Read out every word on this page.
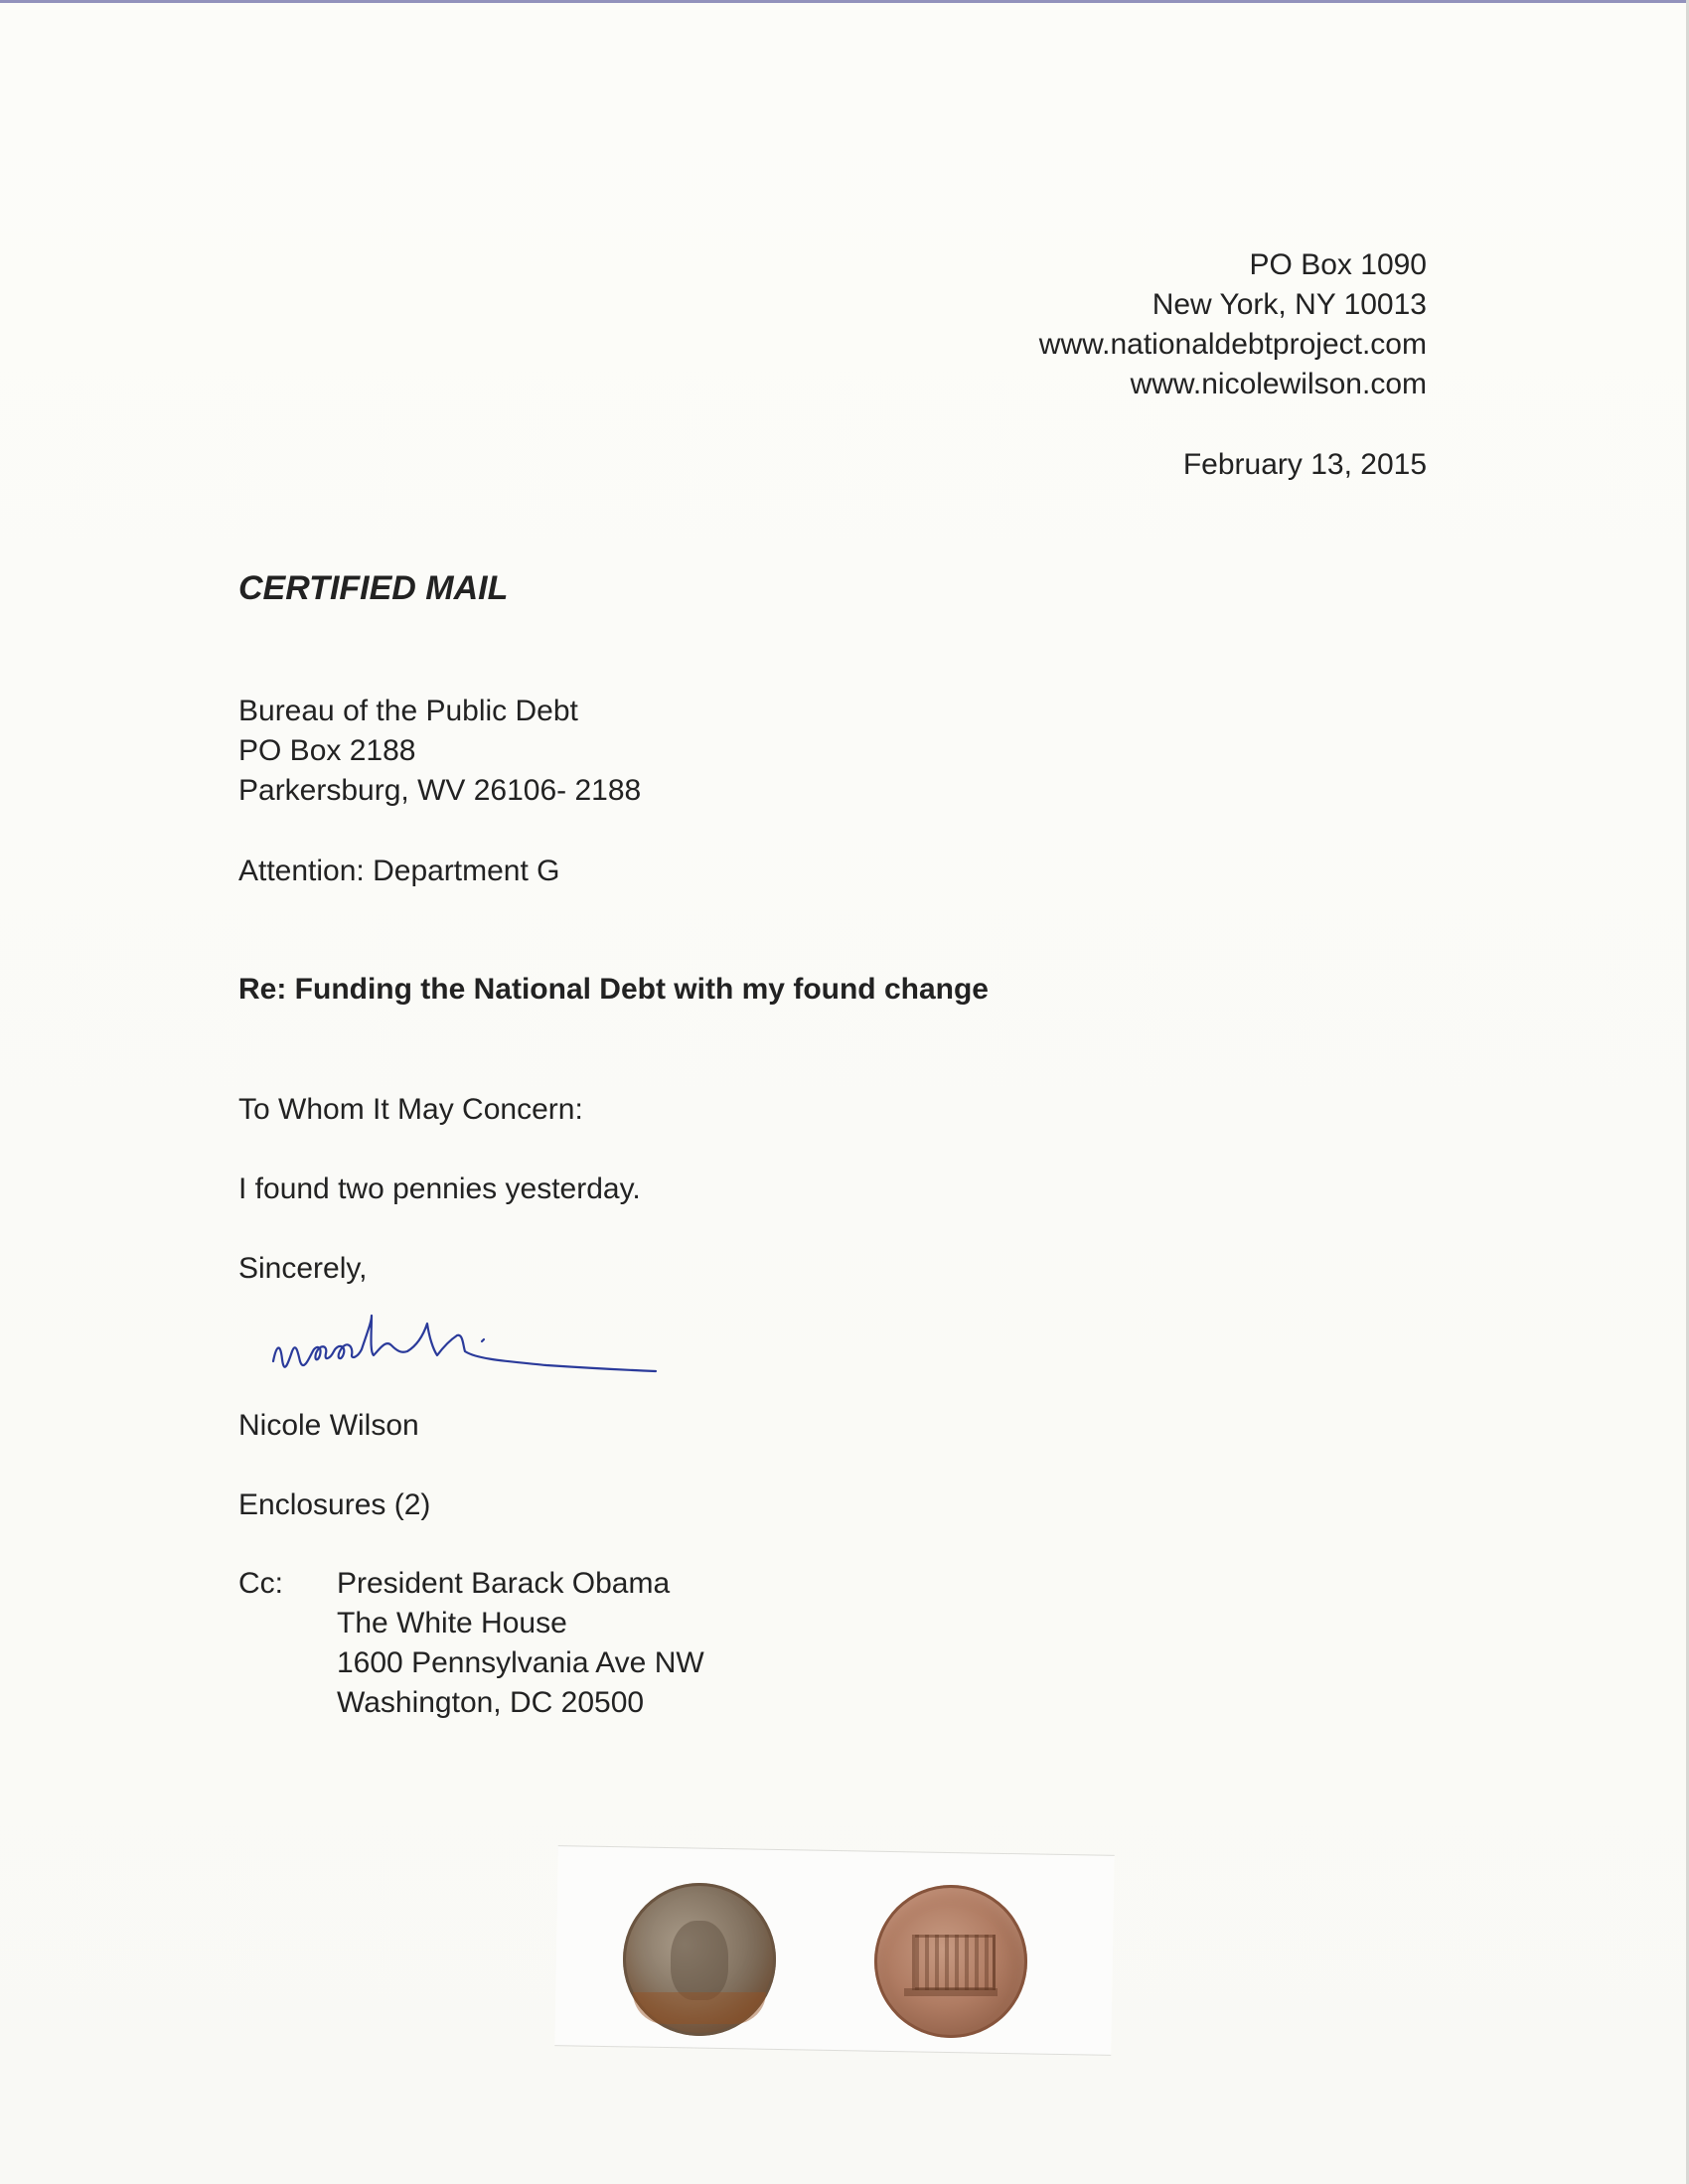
PO Box 1090
New York, NY 10013
www.nationaldebtproject.com
www.nicolewilson.com
February 13, 2015
CERTIFIED MAIL
Bureau of the Public Debt
PO Box 2188
Parkersburg, WV 26106- 2188
Attention: Department G
Re: Funding the National Debt with my found change
To Whom It May Concern:
I found two pennies yesterday.
Sincerely,
Nicole Wilson
Enclosures (2)
Cc: President Barack Obama
The White House
1600 Pennsylvania Ave NW
Washington, DC 20500
